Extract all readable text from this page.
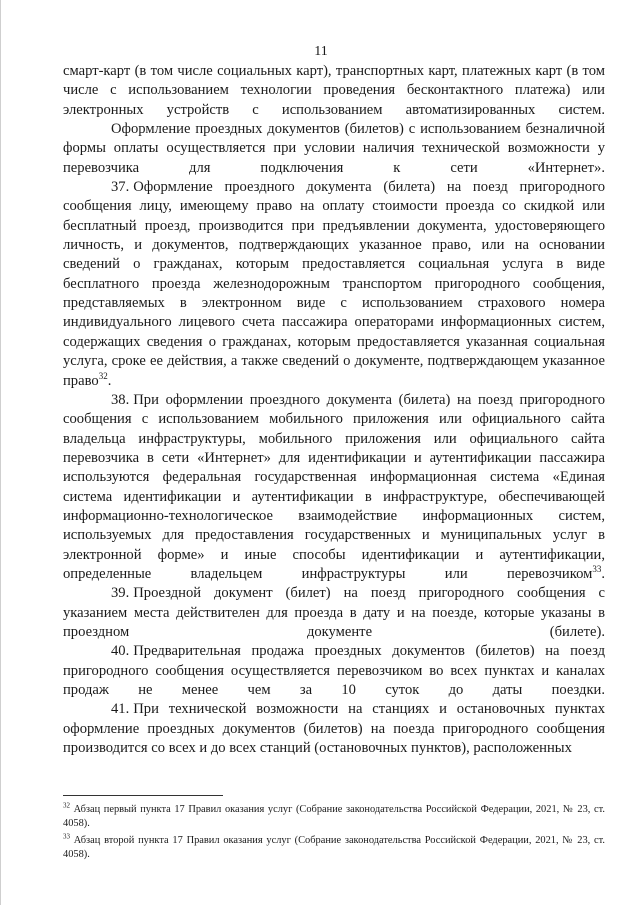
11

смарт-карт (в том числе социальных карт), транспортных карт, платежных карт (в том числе с использованием технологии проведения бесконтактного платежа) или электронных устройств с использованием автоматизированных систем.

Оформление проездных документов (билетов) с использованием безналичной формы оплаты осуществляется при условии наличия технической возможности у перевозчика для подключения к сети «Интернет».

37. Оформление проездного документа (билета) на поезд пригородного сообщения лицу, имеющему право на оплату стоимости проезда со скидкой или бесплатный проезд, производится при предъявлении документа, удостоверяющего личность, и документов, подтверждающих указанное право, или на основании сведений о гражданах, которым предоставляется социальная услуга в виде бесплатного проезда железнодорожным транспортом пригородного сообщения, представляемых в электронном виде с использованием страхового номера индивидуального лицевого счета пассажира операторами информационных систем, содержащих сведения о гражданах, которым предоставляется указанная социальная услуга, сроке ее действия, а также сведений о документе, подтверждающем указанное право$^{32}$.

38. При оформлении проездного документа (билета) на поезд пригородного сообщения с использованием мобильного приложения или официального сайта владельца инфраструктуры, мобильного приложения или официального сайта перевозчика в сети «Интернет» для идентификации и аутентификации пассажира используются федеральная государственная информационная система «Единая система идентификации и аутентификации в инфраструктуре, обеспечивающей информационно-технологическое взаимодействие информационных систем, используемых для предоставления государственных и муниципальных услуг в электронной форме» и иные способы идентификации и аутентификации, определенные владельцем инфраструктуры или перевозчиком$^{33}$.

39. Проездной документ (билет) на поезд пригородного сообщения с указанием места действителен для проезда в дату и на поезде, которые указаны в проездном документе (билете).

40. Предварительная продажа проездных документов (билетов) на поезд пригородного сообщения осуществляется перевозчиком во всех пунктах и каналах продаж не менее чем за 10 суток до даты поездки.

41. При технической возможности на станциях и остановочных пунктах оформление проездных документов (билетов) на поезда пригородного сообщения производится со всех и до всех станций (остановочных пунктов), расположенных

$^{32}$ Абзац первый пункта 17 Правил оказания услуг (Собрание законодательства Российской Федерации, 2021, № 23, ст. 4058).

$^{33}$ Абзац второй пункта 17 Правил оказания услуг (Собрание законодательства Российской Федерации, 2021, № 23, ст. 4058).
